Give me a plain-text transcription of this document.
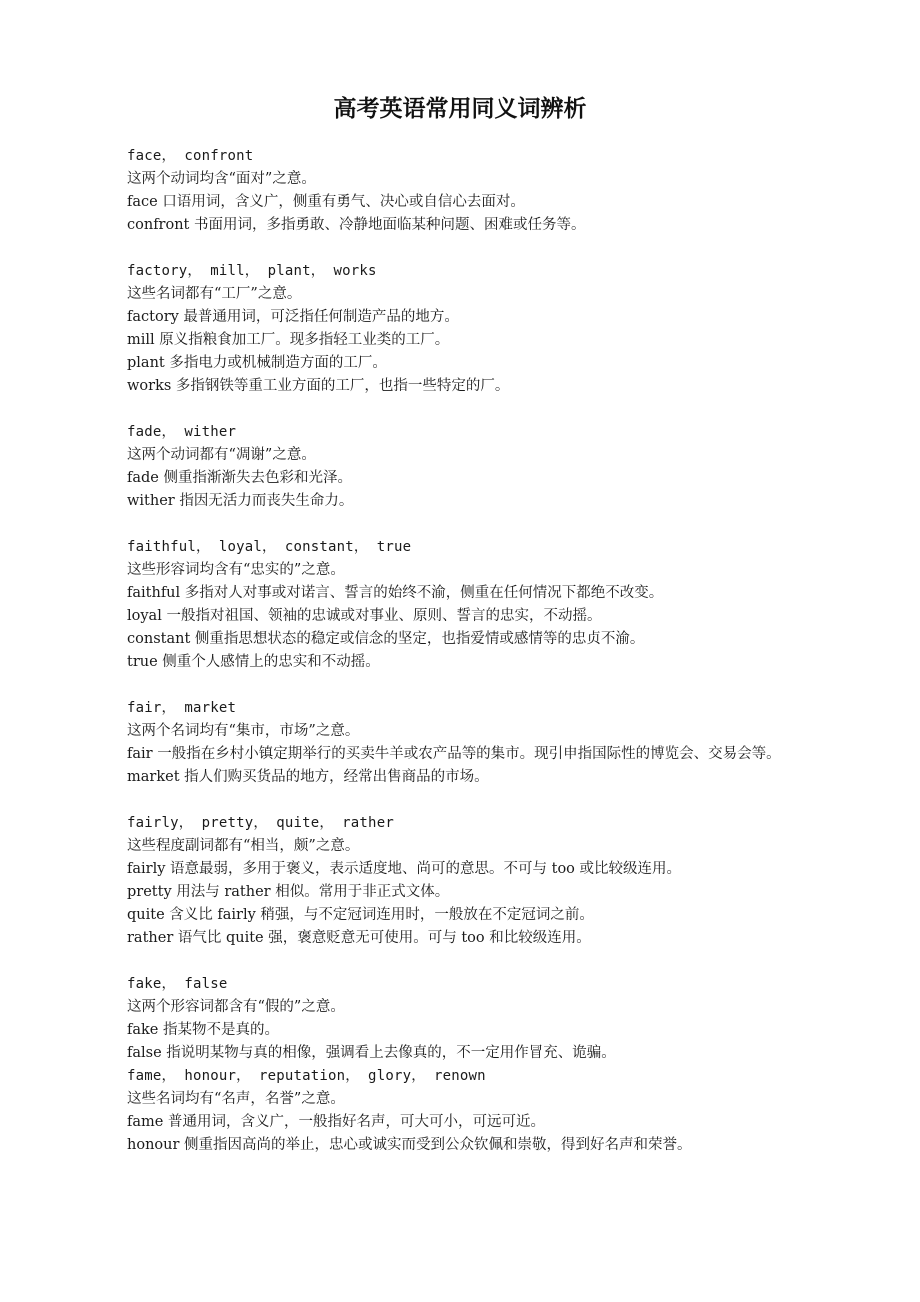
高考英语常用同义词辨析
face， confront
这两个动词均含“面对”之意。
face 口语用词，含义广，侧重有勇气、决心或自信心去面对。
confront 书面用词，多指勇敢、冷静地面临某种问题、困难或任务等。
factory， mill， plant， works
这些名词都有“工厂”之意。
factory 最普通用词，可泛指任何制造产品的地方。
mill 原义指粮食加工厂。现多指轻工业类的工厂。
plant 多指电力或机械制造方面的工厂。
works 多指钢铁等重工业方面的工厂，也指一些特定的厂。
fade， wither
这两个动词都有“凋谢”之意。
fade 侧重指渐渐失去色彩和光泽。
wither 指因无活力而丧失生命力。
faithful， loyal， constant， true
这些形容词均含有“忠实的”之意。
faithful 多指对人对事或对诺言、誓言的始终不渝，侧重在任何情况下都绝不改变。
loyal 一般指对祖国、领袖的忠诚或对事业、原则、誓言的忠实，不动摇。
constant 侧重指思想状态的稳定或信念的坚定，也指爱情或感情等的忠贞不渝。
true 侧重个人感情上的忠实和不动摇。
fair， market
这两个名词均有“集市，市场”之意。
fair 一般指在乡村小镇定期举行的买卖牛羊或农产品等的集市。现引申指国际性的博览会、交易会等。
market 指人们购买货品的地方，经常出售商品的市场。
fairly， pretty， quite， rather
这些程度副词都有“相当，颇”之意。
fairly 语意最弱，多用于褒义，表示适度地、尚可的意思。不可与 too 或比较级连用。
pretty 用法与 rather 相似。常用于非正式文体。
quite 含义比 fairly 稍强，与不定冠词连用时，一般放在不定冠词之前。
rather 语气比 quite 强，褒意贬意无可使用。可与 too 和比较级连用。
fake， false
这两个形容词都含有“假的”之意。
fake 指某物不是真的。
false 指说明某物与真的相像，强调看上去像真的，不一定用作冒充、诡骗。
fame， honour， reputation， glory， renown
这些名词均有“名声，名誉”之意。
fame 普通用词，含义广，一般指好名声，可大可小，可远可近。
honour 侧重指因高尚的举止，忠心或诚实而受到公众钦佩和崇敬，得到好名声和荣誉。
